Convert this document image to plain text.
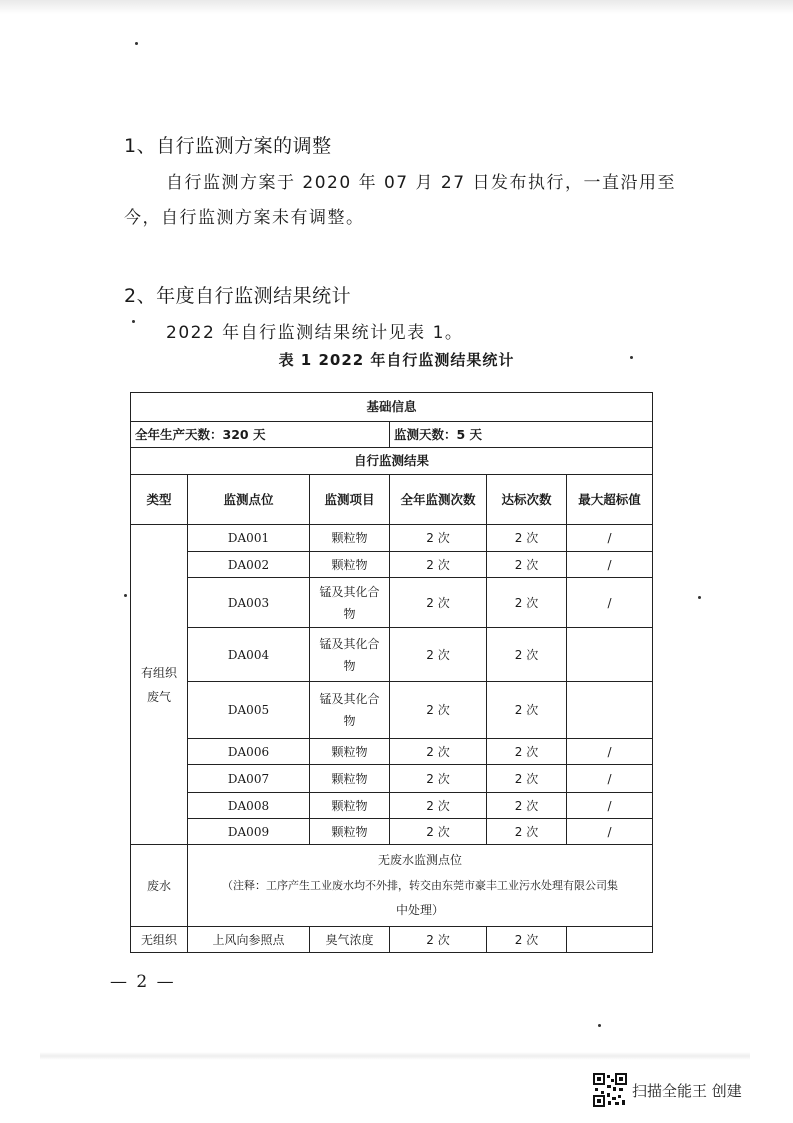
1、自行监测方案的调整
自行监测方案于 2020 年 07 月 27 日发布执行，一直沿用至
今，自行监测方案未有调整。
2、年度自行监测结果统计
2022 年自行监测结果统计见表 1。
表 1 2022 年自行监测结果统计
基础信息					
全年生产天数：320 天			监测天数：5 天		
自行监测结果					
类型	监测点位	监测项目	全年监测次数	达标次数	最大超标值
有组织废气	DA001	颗粒物	2 次	2 次	/
	DA002	颗粒物	2 次	2 次	/
	DA003	锰及其化合物	2 次	2 次	/
	DA004	锰及其化合物	2 次	2 次	
	DA005	锰及其化合物	2 次	2 次	
	DA006	颗粒物	2 次	2 次	/
	DA007	颗粒物	2 次	2 次	/
	DA008	颗粒物	2 次	2 次	/
	DA009	颗粒物	2 次	2 次	/
废水	无废水监测点位
（注释：工序产生工业废水均不外排，转交由东莞市豪丰工业污水处理有限公司集
中处理）				

无组织	上风向参照点	臭气浓度	2 次	2 次	
— 2 —
扫描全能王 创建
